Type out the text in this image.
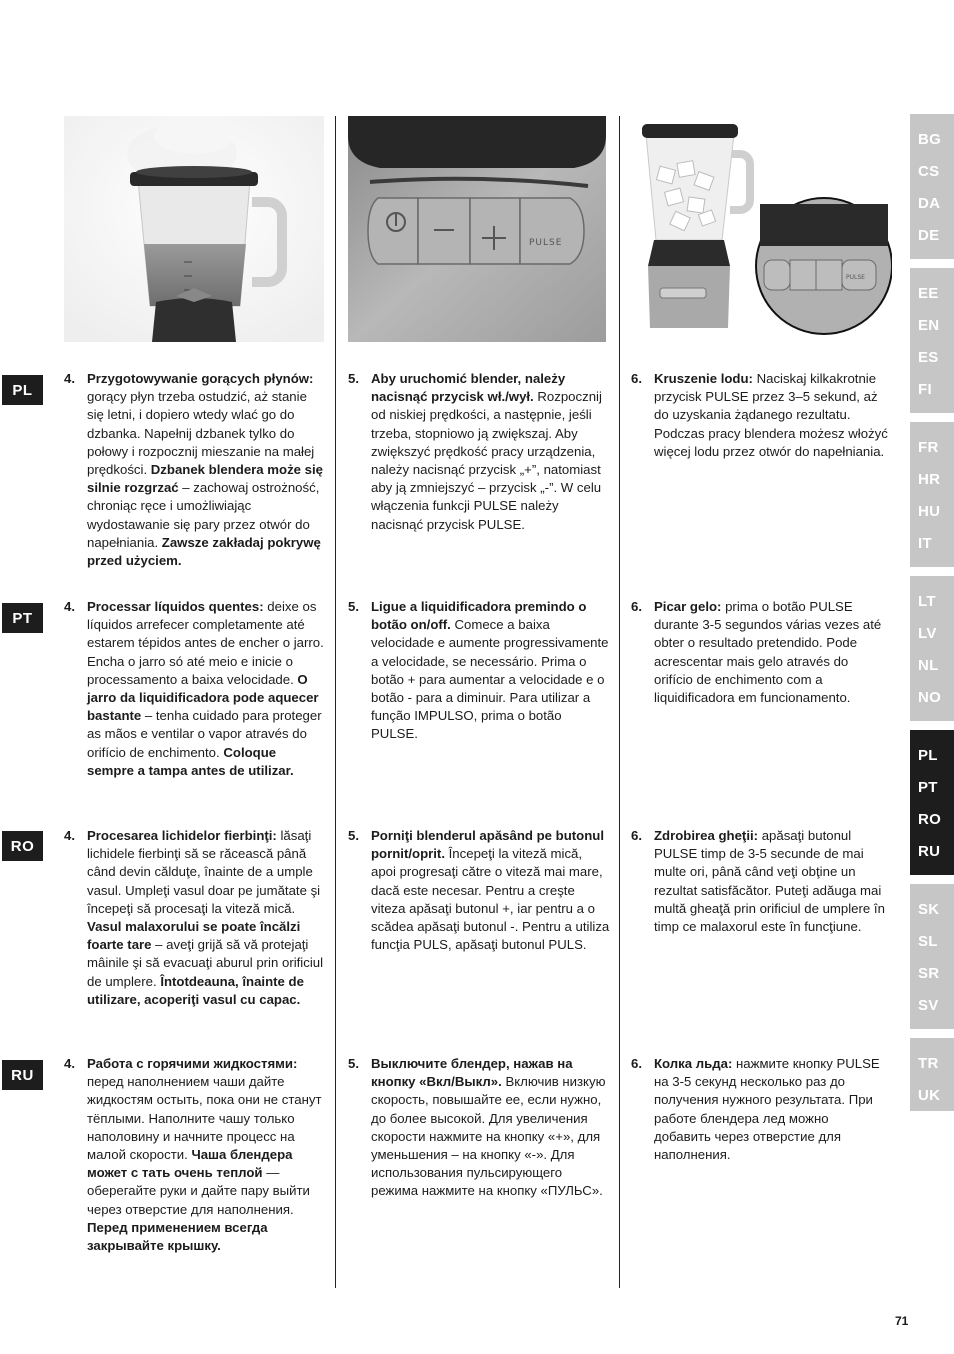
PULSE
PULSE
PL
4. Przygotowywanie gorących płynów: gorący płyn trzeba ostudzić, aż stanie się letni, i dopiero wtedy wlać go do dzbanka. Napełnij dzbanek tylko do połowy i rozpocznij mieszanie na małej prędkości. Dzbanek blendera może się silnie rozgrzać – zachowaj ostrożność, chroniąc ręce i umożliwiając wydostawanie się pary przez otwór do napełniania. Zawsze zakładaj pokrywę przed użyciem.
5. Aby uruchomić blender, należy nacisnąć przycisk wł./wył. Rozpocznij od niskiej prędkości, a następnie, jeśli trzeba, stopniowo ją zwiększaj. Aby zwiększyć prędkość pracy urządzenia, należy nacisnąć przycisk „+”, natomiast aby ją zmniejszyć – przycisk „-”. W celu włączenia funkcji PULSE należy nacisnąć przycisk PULSE.
6. Kruszenie lodu: Naciskaj kilkakrotnie przycisk PULSE przez 3–5 sekund, aż do uzyskania żądanego rezultatu. Podczas pracy blendera możesz włożyć więcej lodu przez otwór do napełniania.
PT
4. Processar líquidos quentes: deixe os líquidos arrefecer completamente até estarem tépidos antes de encher o jarro. Encha o jarro só até meio e inicie o processamento a baixa velocidade. O jarro da liquidificadora pode aquecer bastante – tenha cuidado para proteger as mãos e ventilar o vapor através do orifício de enchimento. Coloque sempre a tampa antes de utilizar.
5. Ligue a liquidificadora premindo o botão on/off. Comece a baixa velocidade e aumente progressivamente a velocidade, se necessário. Prima o botão + para aumentar a velocidade e o botão - para a diminuir. Para utilizar a função IMPULSO, prima o botão PULSE.
6. Picar gelo: prima o botão PULSE durante 3-5 segundos várias vezes até obter o resultado pretendido. Pode acrescentar mais gelo através do orifício de enchimento com a liquidificadora em funcionamento.
RO
4. Procesarea lichidelor fierbinţi: lăsaţi lichidele fierbinţi să se răcească până când devin călduţe, înainte de a umple vasul. Umpleţi vasul doar pe jumătate şi începeţi să procesaţi la viteză mică. Vasul malaxorului se poate încălzi foarte tare – aveţi grijă să vă protejaţi mâinile şi să evacuaţi aburul prin orificiul de umplere. Întotdeauna, înainte de utilizare, acoperiţi vasul cu capac.
5. Porniţi blenderul apăsând pe butonul pornit/oprit. Începeţi la viteză mică, apoi progresaţi către o viteză mai mare, dacă este necesar. Pentru a creşte viteza apăsaţi butonul +, iar pentru a o scădea apăsaţi butonul -. Pentru a utiliza funcţia PULS, apăsaţi butonul PULS.
6. Zdrobirea gheţii: apăsaţi butonul PULSE timp de 3-5 secunde de mai multe ori, până când veţi obţine un rezultat satisfăcător. Puteţi adăuga mai multă gheaţă prin orificiul de umplere în timp ce malaxorul este în funcţiune.
RU
4. Работа с горячими жидкостями: перед наполнением чаши дайте жидкостям остыть, пока они не станут тёплыми. Наполните чашу только наполовину и начните процесс на малой скорости. Чаша блендера может с тать очень теплой — оберегайте руки и дайте пару выйти через отверстие для наполнения. Перед применением всегда закрывайте крышку.
5. Выключите блендер, нажав на кнопку «Вкл/Выкл». Включив низкую скорость, повышайте ее, если нужно, до более высокой. Для увеличения скорости нажмите на кнопку «+», для уменьшения – на кнопку «-». Для использования пульсирующего режима нажмите на кнопку «ПУЛЬС».
6. Колка льда: нажмите кнопку PULSE на 3-5 секунд несколько раз до получения нужного результата. При работе блендера лед можно добавить через отверстие для наполнения.
BG
CS
DA
DE
EE
EN
ES
FI
FR
HR
HU
IT
LT
LV
NL
NO
PL
PT
RO
RU
SK
SL
SR
SV
TR
UK
71
